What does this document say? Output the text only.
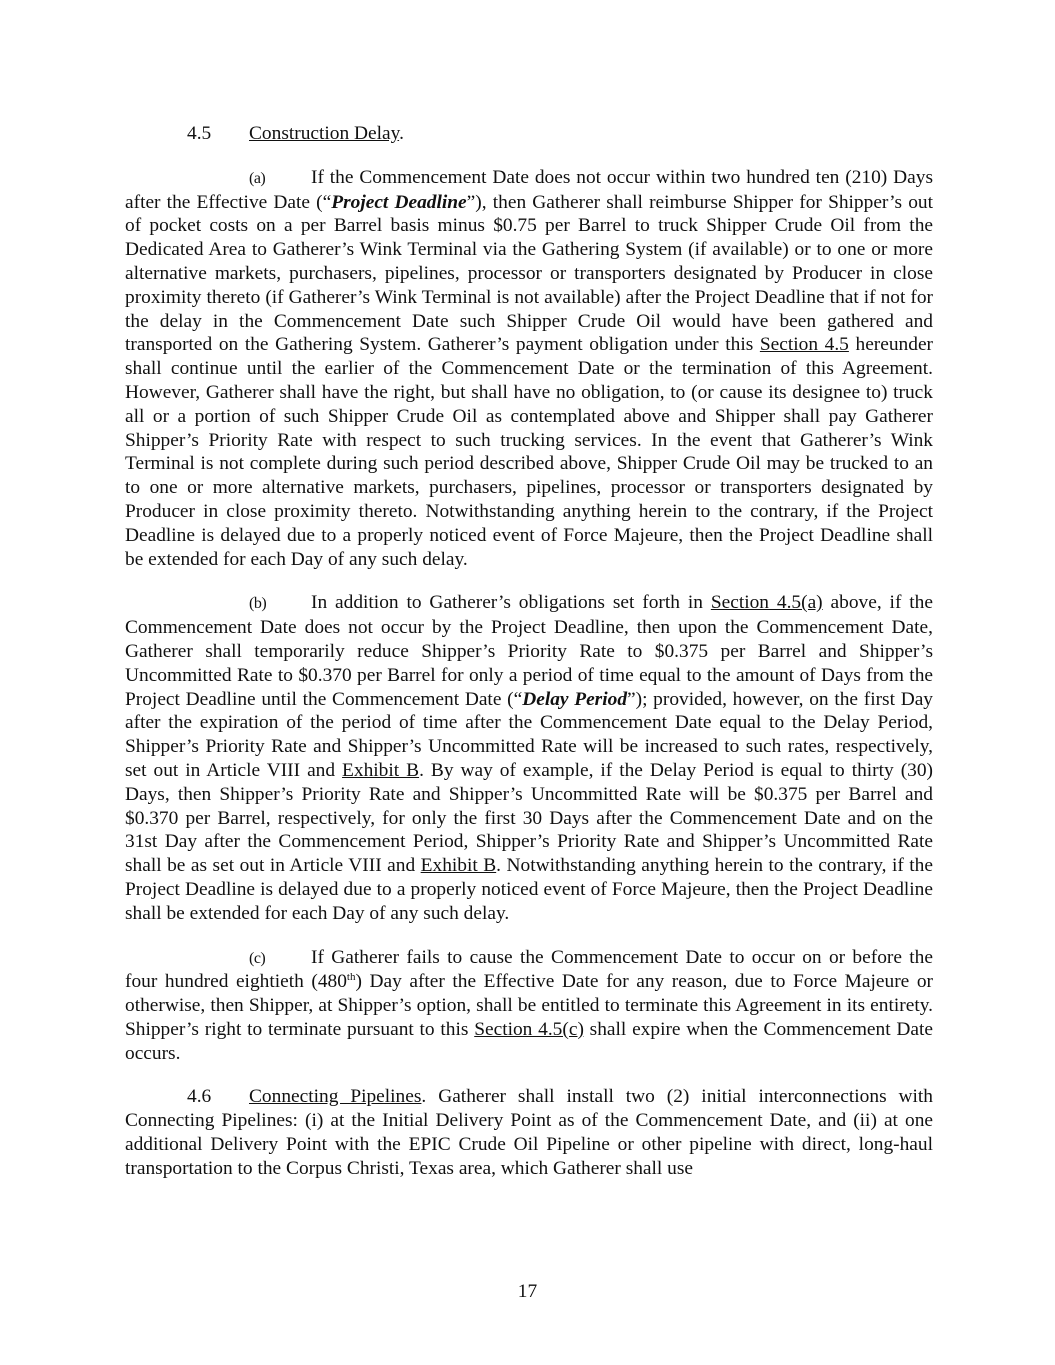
4.5 Construction Delay.

(a) If the Commencement Date does not occur within two hundred ten (210) Days after the Effective Date (“Project Deadline”), then Gatherer shall reimburse Shipper for Shipper’s out of pocket costs on a per Barrel basis minus $0.75 per Barrel to truck Shipper Crude Oil from the Dedicated Area to Gatherer’s Wink Terminal via the Gathering System (if available) or to one or more alternative markets, purchasers, pipelines, processor or transporters designated by Producer in close proximity thereto (if Gatherer’s Wink Terminal is not available) after the Project Deadline that if not for the delay in the Commencement Date such Shipper Crude Oil would have been gathered and transported on the Gathering System. Gatherer’s payment obligation under this Section 4.5 hereunder shall continue until the earlier of the Commencement Date or the termination of this Agreement. However, Gatherer shall have the right, but shall have no obligation, to (or cause its designee to) truck all or a portion of such Shipper Crude Oil as contemplated above and Shipper shall pay Gatherer Shipper’s Priority Rate with respect to such trucking services. In the event that Gatherer’s Wink Terminal is not complete during such period described above, Shipper Crude Oil may be trucked to an to one or more alternative markets, purchasers, pipelines, processor or transporters designated by Producer in close proximity thereto. Notwithstanding anything herein to the contrary, if the Project Deadline is delayed due to a properly noticed event of Force Majeure, then the Project Deadline shall be extended for each Day of any such delay.

(b) In addition to Gatherer’s obligations set forth in Section 4.5(a) above, if the Commencement Date does not occur by the Project Deadline, then upon the Commencement Date, Gatherer shall temporarily reduce Shipper’s Priority Rate to $0.375 per Barrel and Shipper’s Uncommitted Rate to $0.370 per Barrel for only a period of time equal to the amount of Days from the Project Deadline until the Commencement Date (“Delay Period”); provided, however, on the first Day after the expiration of the period of time after the Commencement Date equal to the Delay Period, Shipper’s Priority Rate and Shipper’s Uncommitted Rate will be increased to such rates, respectively, set out in Article VIII and Exhibit B. By way of example, if the Delay Period is equal to thirty (30) Days, then Shipper’s Priority Rate and Shipper’s Uncommitted Rate will be $0.375 per Barrel and $0.370 per Barrel, respectively, for only the first 30 Days after the Commencement Date and on the 31st Day after the Commencement Period, Shipper’s Priority Rate and Shipper’s Uncommitted Rate shall be as set out in Article VIII and Exhibit B. Notwithstanding anything herein to the contrary, if the Project Deadline is delayed due to a properly noticed event of Force Majeure, then the Project Deadline shall be extended for each Day of any such delay.

(c) If Gatherer fails to cause the Commencement Date to occur on or before the four hundred eightieth (480th) Day after the Effective Date for any reason, due to Force Majeure or otherwise, then Shipper, at Shipper’s option, shall be entitled to terminate this Agreement in its entirety. Shipper’s right to terminate pursuant to this Section 4.5(c) shall expire when the Commencement Date occurs.

4.6 Connecting Pipelines. Gatherer shall install two (2) initial interconnections with Connecting Pipelines: (i) at the Initial Delivery Point as of the Commencement Date, and (ii) at one additional Delivery Point with the EPIC Crude Oil Pipeline or other pipeline with direct, long-haul transportation to the Corpus Christi, Texas area, which Gatherer shall use

17
